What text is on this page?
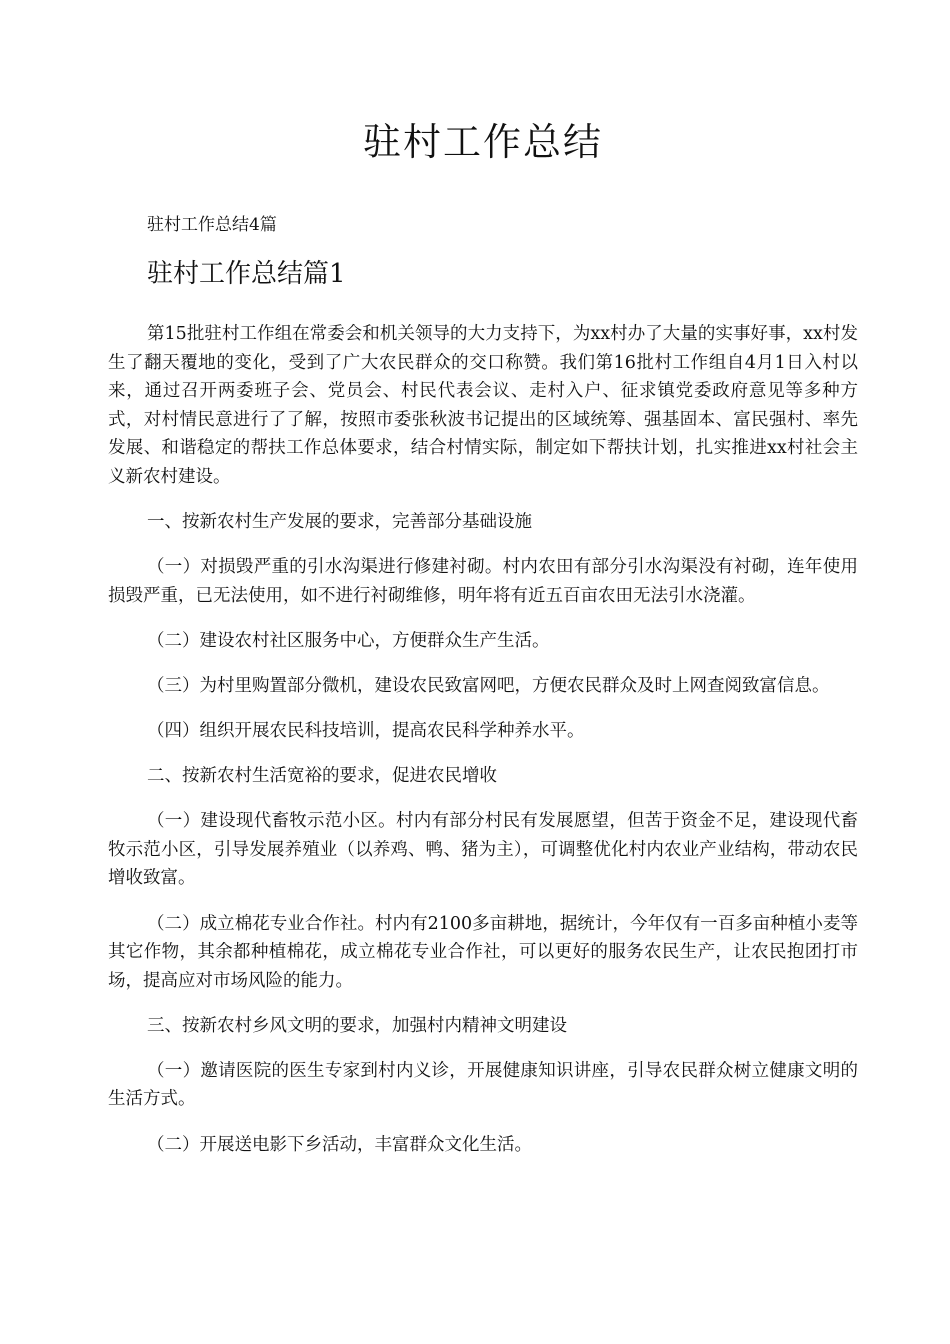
驻村工作总结

驻村工作总结4篇

驻村工作总结篇1

第15批驻村工作组在常委会和机关领导的大力支持下，为xx村办了大量的实事好事，xx村发生了翻天覆地的变化，受到了广大农民群众的交口称赞。我们第16批村工作组自4月1日入村以来，通过召开两委班子会、党员会、村民代表会议、走村入户、征求镇党委政府意见等多种方式，对村情民意进行了了解，按照市委张秋波书记提出的区域统筹、强基固本、富民强村、率先发展、和谐稳定的帮扶工作总体要求，结合村情实际，制定如下帮扶计划，扎实推进xx村社会主义新农村建设。

一、按新农村生产发展的要求，完善部分基础设施

（一）对损毁严重的引水沟渠进行修建衬砌。村内农田有部分引水沟渠没有衬砌，连年使用损毁严重，已无法使用，如不进行衬砌维修，明年将有近五百亩农田无法引水浇灌。

（二）建设农村社区服务中心，方便群众生产生活。

（三）为村里购置部分微机，建设农民致富网吧，方便农民群众及时上网查阅致富信息。

（四）组织开展农民科技培训，提高农民科学种养水平。

二、按新农村生活宽裕的要求，促进农民增收

（一）建设现代畜牧示范小区。村内有部分村民有发展愿望，但苦于资金不足，建设现代畜牧示范小区，引导发展养殖业（以养鸡、鸭、猪为主），可调整优化村内农业产业结构，带动农民增收致富。

（二）成立棉花专业合作社。村内有2100多亩耕地，据统计，今年仅有一百多亩种植小麦等其它作物，其余都种植棉花，成立棉花专业合作社，可以更好的服务农民生产，让农民抱团打市场，提高应对市场风险的能力。

三、按新农村乡风文明的要求，加强村内精神文明建设

（一）邀请医院的医生专家到村内义诊，开展健康知识讲座，引导农民群众树立健康文明的生活方式。

（二）开展送电影下乡活动，丰富群众文化生活。
